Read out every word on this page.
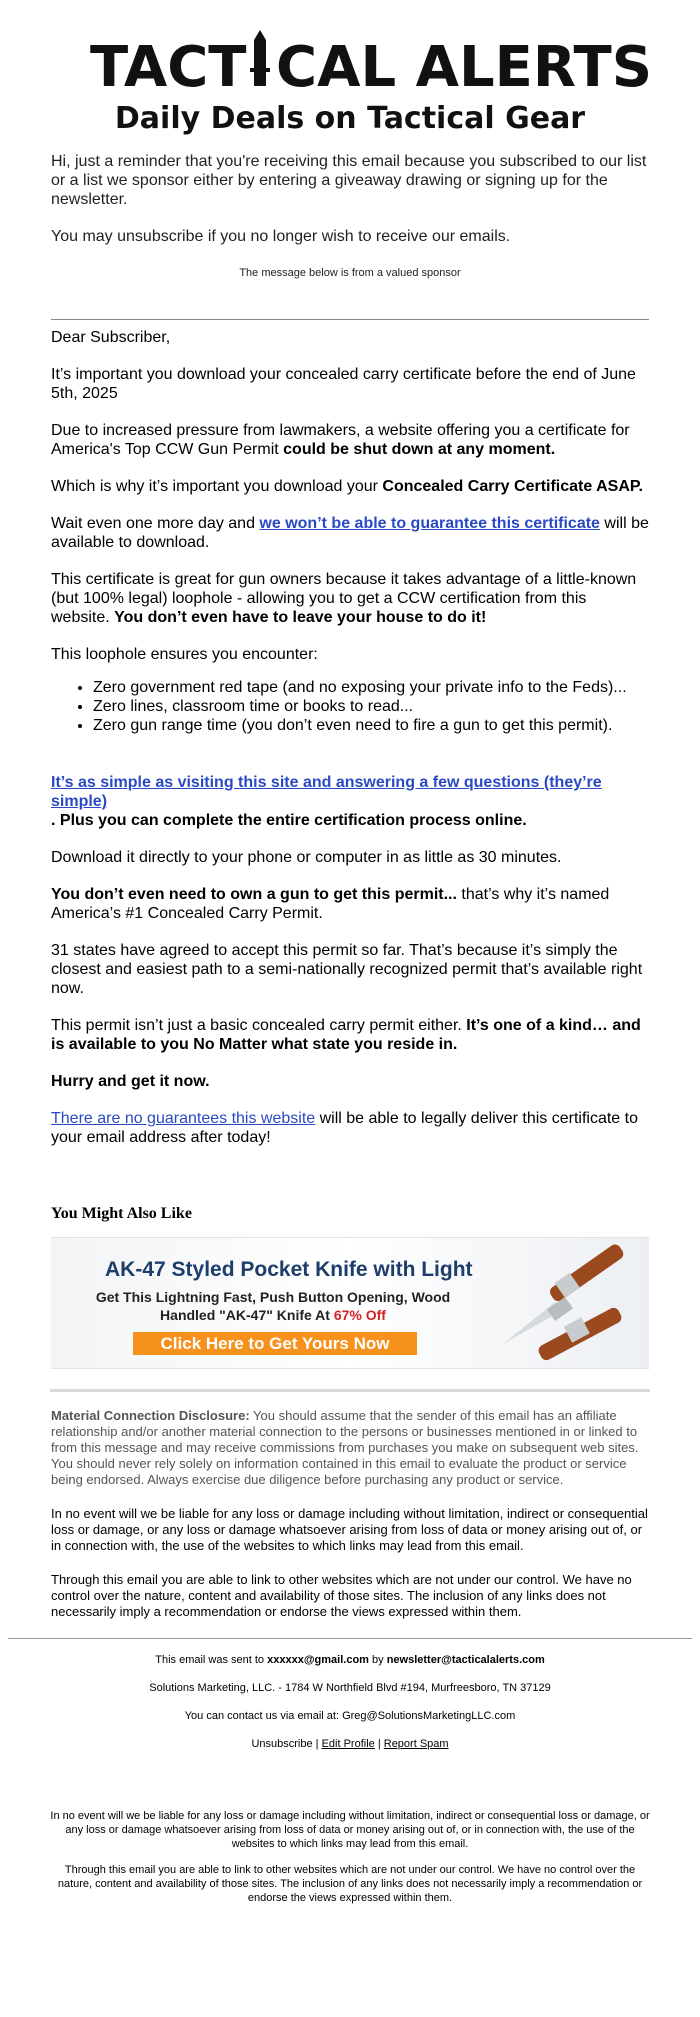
TACT CAL ALERTS
Daily Deals on Tactical Gear

Hi, just a reminder that you're receiving this email because you subscribed to our list or a list we sponsor either by entering a giveaway drawing or signing up for the newsletter.

You may unsubscribe if you no longer wish to receive our emails.

The message below is from a valued sponsor

Dear Subscriber,

It’s important you download your concealed carry certificate before the end of June 5th, 2025

Due to increased pressure from lawmakers, a website offering you a certificate for America's Top CCW Gun Permit could be shut down at any moment.

Which is why it’s important you download your Concealed Carry Certificate ASAP.

Wait even one more day and we won’t be able to guarantee this certificate will be available to download.

This certificate is great for gun owners because it takes advantage of a little-known (but 100% legal) loophole - allowing you to get a CCW certification from this website. You don’t even have to leave your house to do it!

This loophole ensures you encounter:

• Zero government red tape (and no exposing your private info to the Feds)...
• Zero lines, classroom time or books to read...
• Zero gun range time (you don’t even need to fire a gun to get this permit).
It’s as simple as visiting this site and answering a few questions (they’re simple)

. Plus you can complete the entire certification process online.

Download it directly to your phone or computer in as little as 30 minutes.

You don’t even need to own a gun to get this permit... that’s why it’s named America’s #1 Concealed Carry Permit.

31 states have agreed to accept this permit so far. That’s because it’s simply the closest and easiest path to a semi-nationally recognized permit that’s available right now.

This permit isn’t just a basic concealed carry permit either. It’s one of a kind… and is available to you No Matter what state you reside in.

Hurry and get it now.

There are no guarantees this website will be able to legally deliver this certificate to your email address after today!

You Might Also Like
AK-47 Styled Pocket Knife with Light
Get This Lightning Fast, Push Button Opening, Wood Handled "AK-47" Knife At 67% Off
Click Here to Get Yours Now

Material Connection Disclosure: You should assume that the sender of this email has an affiliate relationship and/or another material connection to the persons or businesses mentioned in or linked to from this message and may receive commissions from purchases you make on subsequent web sites. You should never rely solely on information contained in this email to evaluate the product or service being endorsed. Always exercise due diligence before purchasing any product or service.

In no event will we be liable for any loss or damage including without limitation, indirect or consequential loss or damage, or any loss or damage whatsoever arising from loss of data or money arising out of, or in connection with, the use of the websites to which links may lead from this email.

Through this email you are able to link to other websites which are not under our control. We have no control over the nature, content and availability of those sites. The inclusion of any links does not necessarily imply a recommendation or endorse the views expressed within them.

This email was sent to xxxxxx@gmail.com by newsletter@tacticalalerts.com

Solutions Marketing, LLC. - 1784 W Northfield Blvd #194, Murfreesboro, TN 37129

You can contact us via email at: Greg@SolutionsMarketingLLC.com

Unsubscribe | Edit Profile | Report Spam

In no event will we be liable for any loss or damage including without limitation, indirect or consequential loss or damage, or any loss or damage whatsoever arising from loss of data or money arising out of, or in connection with, the use of the websites to which links may lead from this email.

Through this email you are able to link to other websites which are not under our control. We have no control over the nature, content and availability of those sites. The inclusion of any links does not necessarily imply a recommendation or endorse the views expressed within them.
